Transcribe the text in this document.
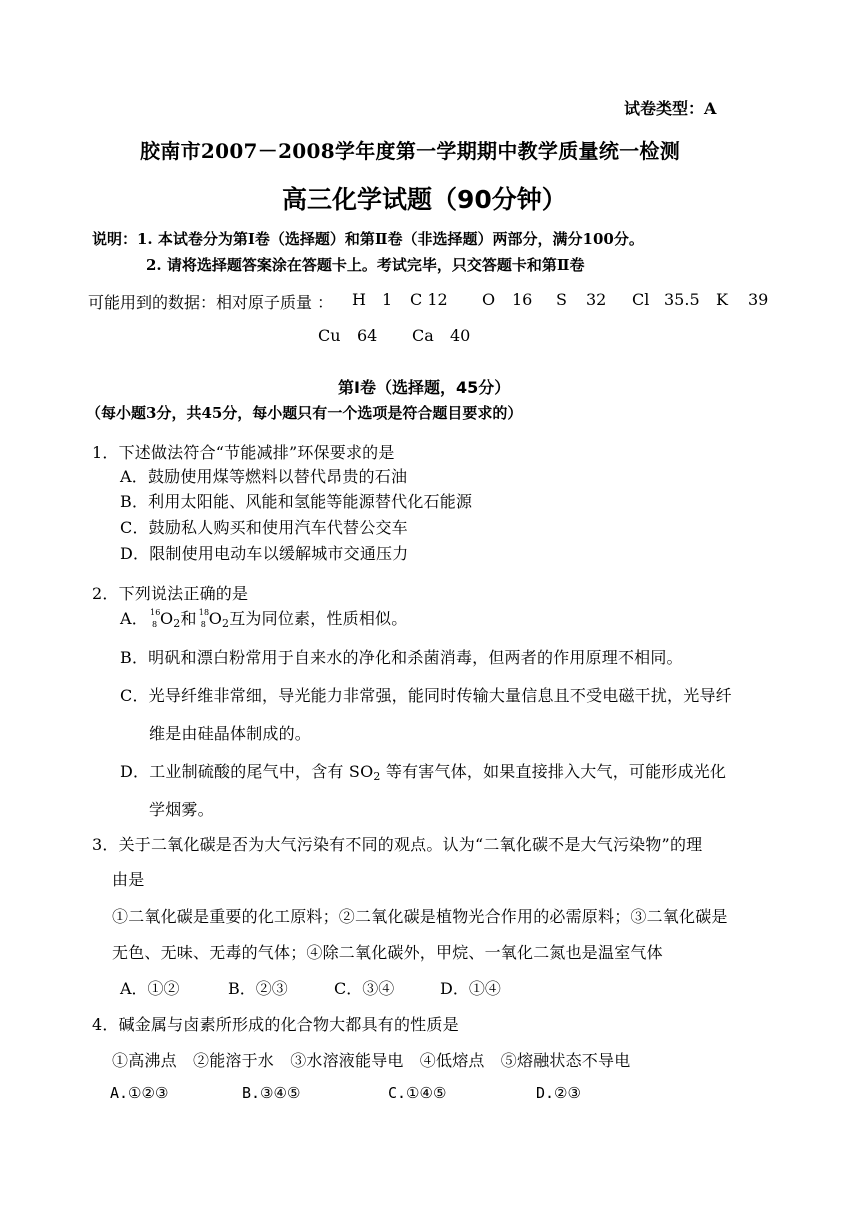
试卷类型：A
胶南市2007－2008学年度第一学期期中教学质量统一检测
高三化学试题（90分钟）
说明：1. 本试卷分为第Ⅰ卷（选择题）和第Ⅱ卷（非选择题）两部分，满分100分。
2. 请将选择题答案涂在答题卡上。考试完毕，只交答题卡和第Ⅱ卷
可能用到的数据：相对原子质量 ： H 1 C 12 O 16 S 32 Cl 35.5 K 39
Cu 64 Ca 40
第Ⅰ卷（选择题，45分）
（每小题3分，共45分，每小题只有一个选项是符合题目要求的）
1．下述做法符合“节能减排”环保要求的是
A．鼓励使用煤等燃料以替代昂贵的石油
B．利用太阳能、风能和氢能等能源替代化石能源
C．鼓励私人购买和使用汽车代替公交车
D．限制使用电动车以缓解城市交通压力
2．下列说法正确的是
A． 16
8 O2和 18
8 O2互为同位素，性质相似。
B．明矾和漂白粉常用于自来水的净化和杀菌消毒，但两者的作用原理不相同。
C．光导纤维非常细，导光能力非常强，能同时传输大量信息且不受电磁干扰，光导纤
维是由硅晶体制成的。
D．工业制硫酸的尾气中，含有 SO2 等有害气体，如果直接排入大气，可能形成光化
学烟雾。
3．关于二氧化碳是否为大气污染有不同的观点。认为“二氧化碳不是大气污染物”的理
由是
①二氧化碳是重要的化工原料；②二氧化碳是植物光合作用的必需原料；③二氧化碳是
无色、无味、无毒的气体；④除二氧化碳外，甲烷、一氧化二氮也是温室气体
A．①②	B．②③	C．③④	D．①④
4．碱金属与卤素所形成的化合物大都具有的性质是
①高沸点　②能溶于水　③水溶液能导电　④低熔点　⑤熔融状态不导电
A.①②③	B.③④⑤	C.①④⑤	D.②③
